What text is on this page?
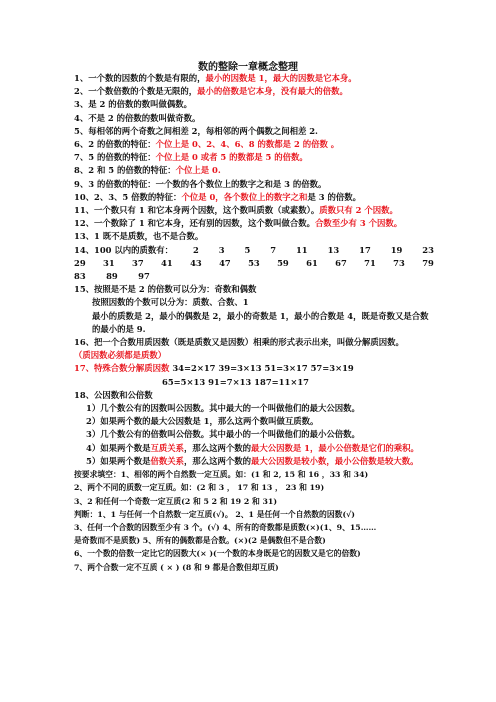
数的整除一章概念整理
1、一个数的因数的个数是有限的，最小的因数是 1，最大的因数是它本身。
2、一个数倍数的个数是无限的，最小的倍数是它本身，没有最大的倍数。
3、是 2 的倍数的数叫做偶数。
4、不是 2 的倍数的数叫做奇数。
5、每相邻的两个奇数之间相差 2，每相邻的两个偶数之间相差 2.
6、2 的倍数的特征：个位上是 0、2、4、6、8 的数都是 2 的倍数 。
7、5 的倍数的特征：个位上是 0 或者 5 的数都是 5 的倍数。
8、2 和 5 的倍数的特征：个位上是 0.
9、3 的倍数的特征：一个数的各个数位上的数字之和是 3 的倍数。
10、2、3、5 倍数的特征：个位是 0，各个数位上的数字之和是 3 的倍数。
11、一个数只有 1 和它本身两个因数，这个数叫质数（或素数）。质数只有 2 个因数。
12、一个数除了 1 和它本身，还有别的因数，这个数叫做合数。合数至少有 3 个因数。
13、1 既不是质数，也不是合数。
14、100 以内的质数有： 2 3 5 7 11 13 17 19 23
29 31 37 41 43 47 53 59 61 67 71 73 79
83 89 97
15、按照是不是 2 的倍数可以分为：奇数和偶数
按照因数的个数可以分为：质数、合数、1
最小的质数是 2，最小的偶数是 2，最小的奇数是 1，最小的合数是 4，既是奇数又是合数的最小的是 9.
16、把一个合数用质因数（既是质数又是因数）相乘的形式表示出来，叫做分解质因数。
（质因数必须都是质数）
17、特殊合数分解质因数 34=2×17 39=3×13 51=3×17 57=3×19
65=5×13 91=7×13 187=11×17
18、公因数和公倍数
1）几个数公有的因数叫公因数。其中最大的一个叫做他们的最大公因数。
2）如果两个数的最大公因数是 1，那么这两个数叫做互质数。
3）几个数公有的倍数叫公倍数。其中最小的一个叫做他们的最小公倍数。
4）如果两个数是互质关系，那么这两个数的最大公因数是 1，最小公倍数是它们的乘积。
5）如果两个数是倍数关系，那么这两个数的最大公因数是较小数，最小公倍数是较大数。
按要求填空：1、相邻的两个自然数一定互质。如：(1 和 2, 15 和 16 ，33 和 34)
2、两个不同的质数一定互质。如：(2 和 3 ， 17 和 13 ， 23 和 19)
3、2 和任何一个奇数一定互质(2 和 5 2 和 19 2 和 31)
判断：1、1 与任何一个自然数一定互质(√)。 2、1 是任何一个自然数的因数(√)
3、任何一个合数的因数至少有 3 个。(√) 4、所有的奇数都是质数(×)(1、9、15……
是奇数而不是质数) 5、所有的偶数都是合数。(×)(2 是偶数但不是合数)
6、一个数的倍数一定比它的因数大(× )(一个数的本身既是它的因数又是它的倍数)
7、两个合数一定不互质 ( × ) (8 和 9 都是合数但却互质)
